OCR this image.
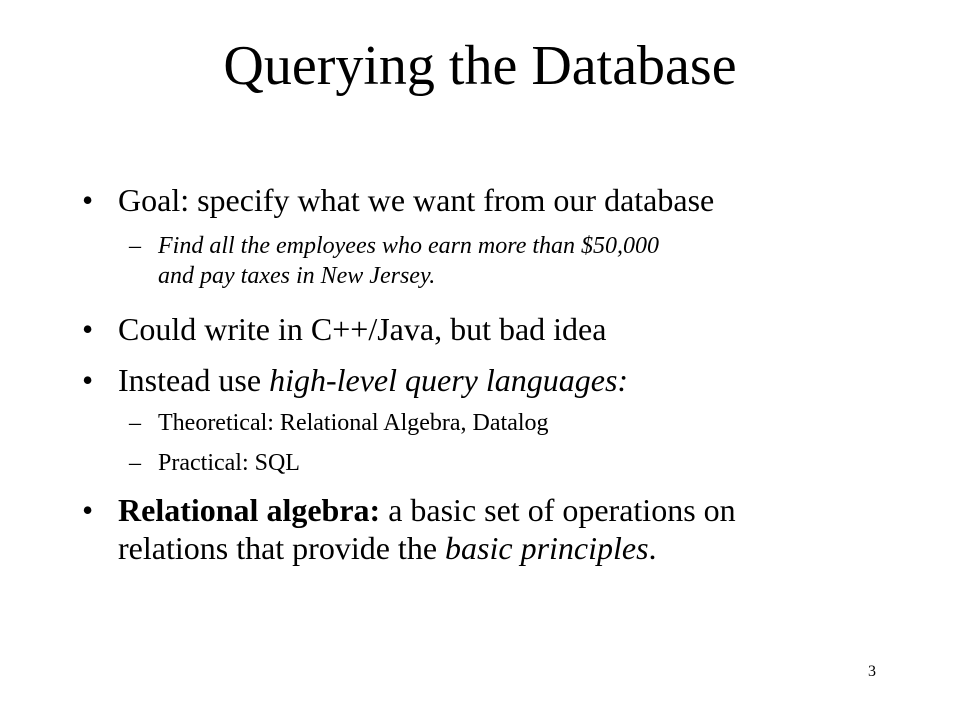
Querying the Database

• Goal: specify what we want from our database

– Find all the employees who earn more than $50,000
and pay taxes in New Jersey.

• Could write in C++/Java, but bad idea

• Instead use high-level query languages:

– Theoretical: Relational Algebra, Datalog

– Practical: SQL

• Relational algebra: a basic set of operations on
relations that provide the basic principles.

3
